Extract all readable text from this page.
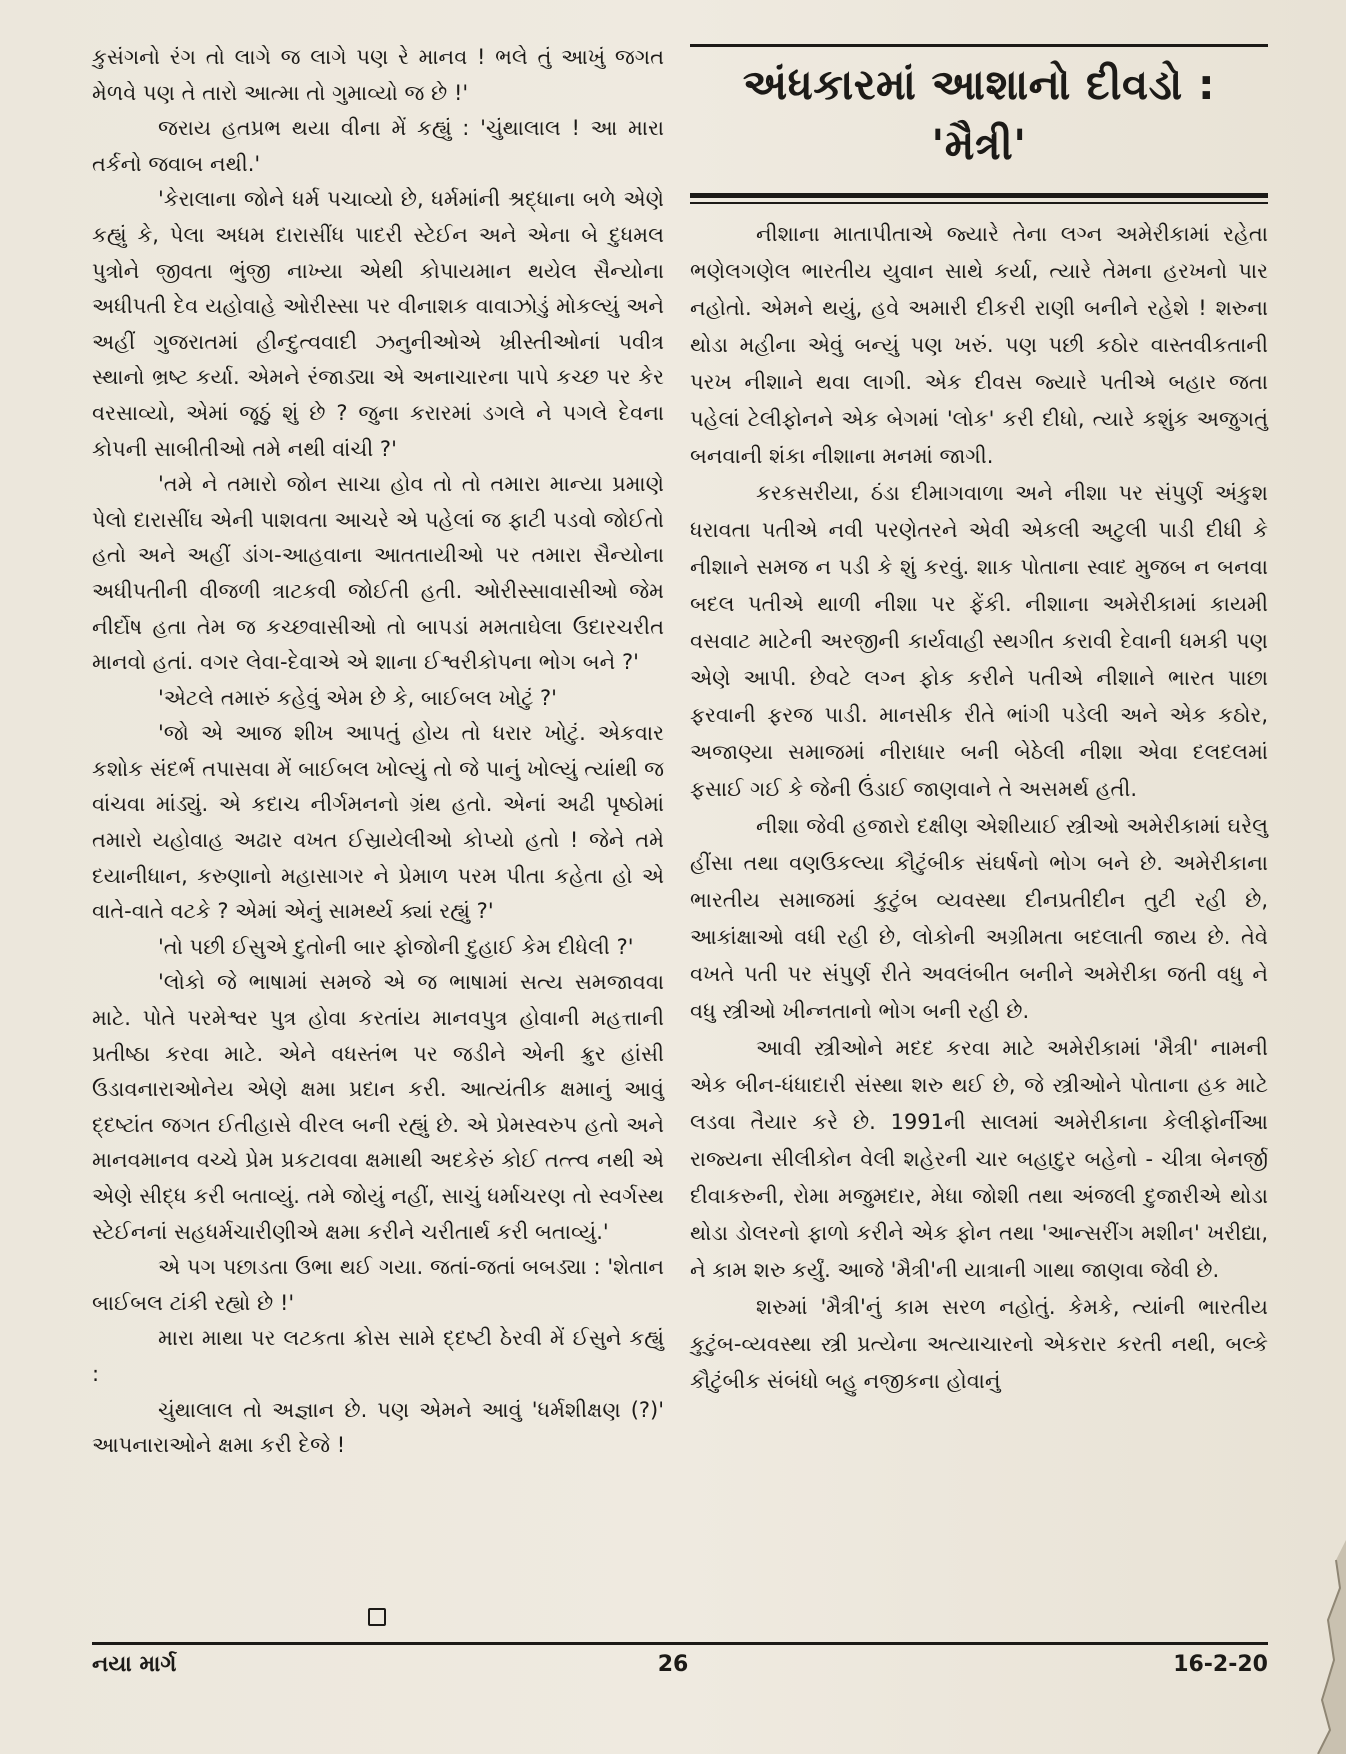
કુસંગનો રંગ તો લાગે જ લાગે પણ રે માનવ ! ભલે તું આખું જગત મેળવે પણ તે તારો આત્મા તો ગુમાવ્યો જ છે !'

જરાય હતપ્રભ થયા વીના મેં કહ્યું : 'ચુંથાલાલ ! આ મારા તર્કનો જવાબ નથી.'

'કેરાલાના જોને ધર્મ પચાવ્યો છે, ધર્મમાંની શ્રદ્ધાના બળે એણે કહ્યું કે, પેલા અધમ દારાસીંધ પાદરી સ્ટેઈન અને એના બે દુધમલ પુત્રોને જીવતા ભુંજી નાખ્યા એથી કોપાયમાન થયેલ સૈન્યોના અધીપતી દેવ યહોવાહે ઓરીસ્સા પર વીનાશક વાવાઝોડું મોકલ્યું અને અહીં ગુજરાતમાં હીન્દુત્વવાદી ઝનુનીઓએ ખ્રીસ્તીઓનાં પવીત્ર સ્થાનો ભ્રષ્ટ કર્યા. એમને રંજાડ્યા એ અનાચારના પાપે કચ્છ પર કેર વરસાવ્યો, એમાં જૂઠું શું છે ? જુના કરારમાં ડગલે ને પગલે દેવના કોપની સાબીતીઓ તમે નથી વાંચી ?'

'તમે ને તમારો જોન સાચા હોવ તો તો તમારા માન્યા પ્રમાણે પેલો દારાસીંઘ એની પાશવતા આચરે એ પહેલાં જ ફાટી પડવો જોઈતો હતો અને અહીં ડાંગ-આહવાના આતતાયીઓ પર તમારા સૈન્યોના અધીપતીની વીજળી ત્રાટકવી જોઈતી હતી. ઓરીસ્સાવાસીઓ જેમ નીર્દોષ હતા તેમ જ કચ્છવાસીઓ તો બાપડાં મમતાઘેલા ઉદારચરીત માનવો હતાં. વગર લેવા-દેવાએ એ શાના ઈશ્વરીકોપના ભોગ બને ?'

'એટલે તમારું કહેવું એમ છે કે, બાઈબલ ખોટું ?'

'જો એ આજ શીખ આપતું હોય તો ધરાર ખોટું. એકવાર કશોક સંદર્ભ તપાસવા મેં બાઈબલ ખોલ્યું તો જે પાનું ખોલ્યું ત્યાંથી જ વાંચવા માંડ્યું. એ કદાચ નીર્ગમનનો ગ્રંથ હતો. એનાં અઢી પૃષ્ઠોમાં તમારો યહોવાહ અઢાર વખત ઈસ્રાયેલીઓ કોપ્યો હતો ! જેને તમે દયાનીધાન, કરુણાનો મહાસાગર ને પ્રેમાળ પરમ પીતા કહેતા હો એ વાતે-વાતે વટકે ? એમાં એનું સામર્થ્ય ક્યાં રહ્યું ?'

'તો પછી ઈસુએ દુતોની બાર ફોજોની દુહાઈ કેમ દીધેલી ?'

'લોકો જે ભાષામાં સમજે એ જ ભાષામાં સત્ય સમજાવવા માટે. પોતે પરમેશ્વર પુત્ર હોવા કરતાંય માનવપુત્ર હોવાની મહત્તાની પ્રતીષ્ઠા કરવા માટે. એને વધસ્તંભ પર જડીને એની ક્રુર હાંસી ઉડાવનારાઓનેય એણે ક્ષમા પ્રદાન કરી. આત્યંતીક ક્ષમાનું આવું દ્દષ્ટાંત જગત ઈતીહાસે વીરલ બની રહ્યું છે. એ પ્રેમસ્વરુપ હતો અને માનવમાનવ વચ્ચે પ્રેમ પ્રકટાવવા ક્ષમાથી અદકેરું કોઈ તત્ત્વ નથી એ એણે સીદ્ધ કરી બતાવ્યું. તમે જોયું નહીં, સાચું ધર્માચરણ તો સ્વર્ગસ્થ સ્ટેઈનનાં સહધર્મચારીણીએ ક્ષમા કરીને ચરીતાર્થ કરી બતાવ્યું.'

એ પગ પછાડતા ઉભા થઈ ગયા. જતાં-જતાં બબડ્યા : 'શેતાન બાઈબલ ટાંકી રહ્યો છે !'

મારા માથા પર લટકતા ક્રોસ સામે દ્દષ્ટી ઠેરવી મેં ઈસુને કહ્યું :

ચુંથાલાલ તો અજ્ઞાન છે. પણ એમને આવું 'ધર્મશીક્ષણ (?)' આપનારાઓને ક્ષમા કરી દેજે !

અંધકારમાં આશાનો દીવડો : 'મૈત્રી'

નીશાના માતાપીતાએ જ્યારે તેના લગ્ન અમેરીકામાં રહેતા ભણેલગણેલ ભારતીય યુવાન સાથે કર્યા, ત્યારે તેમના હરખનો પાર નહોતો. એમને થયું, હવે અમારી દીકરી રાણી બનીને રહેશે ! શરુના થોડા મહીના એવું બન્યું પણ ખરું. પણ પછી કઠોર વાસ્તવીકતાની પરખ નીશાને થવા લાગી. એક દીવસ જ્યારે પતીએ બહાર જતા પહેલાં ટેલીફોનને એક બેગમાં 'લોક' કરી દીધો, ત્યારે કશુંક અજુગતું બનવાની શંકા નીશાના મનમાં જાગી.

કરકસરીયા, ઠંડા દીમાગવાળા અને નીશા પર સંપુર્ણ અંકુશ ધરાવતા પતીએ નવી પરણેતરને એવી એકલી અટુલી પાડી દીધી કે નીશાને સમજ ન પડી કે શું કરવું. શાક પોતાના સ્વાદ મુજબ ન બનવા બદલ પતીએ થાળી નીશા પર ફેંકી. નીશાના અમેરીકામાં કાયમી વસવાટ માટેની અરજીની કાર્યવાહી સ્થગીત કરાવી દેવાની ધમકી પણ એણે આપી. છેવટે લગ્ન ફોક કરીને પતીએ નીશાને ભારત પાછા ફરવાની ફરજ પાડી. માનસીક રીતે ભાંગી પડેલી અને એક કઠોર, અજાણ્યા સમાજમાં નીરાધાર બની બેઠેલી નીશા એવા દલદલમાં ફસાઈ ગઈ કે જેની ઉંડાઈ જાણવાને તે અસમર્થ હતી.

નીશા જેવી હજારો દક્ષીણ એશીયાઈ સ્ત્રીઓ અમેરીકામાં ઘરેલુ હીંસા તથા વણઉકલ્યા કૌટુંબીક સંઘર્ષનો ભોગ બને છે. અમેરીકાના ભારતીય સમાજમાં કુટુંબ વ્યવસ્થા દીનપ્રતીદીન તુટી રહી છે, આકાંક્ષાઓ વધી રહી છે, લોકોની અગ્રીમતા બદલાતી જાય છે. તેવે વખતે પતી પર સંપુર્ણ રીતે અવલંબીત બનીને અમેરીકા જતી વધુ ને વધુ સ્ત્રીઓ ખીન્નતાનો ભોગ બની રહી છે.

આવી સ્ત્રીઓને મદદ કરવા માટે અમેરીકામાં 'મૈત્રી' નામની એક બીન-ધંધાદારી સંસ્થા શરુ થઈ છે, જે સ્ત્રીઓને પોતાના હક માટે લડવા તૈયાર કરે છે. 1991ની સાલમાં અમેરીકાના કેલીફોર્નીઆ રાજ્યના સીલીકોન વેલી શહેરની ચાર બહાદુર બહેનો - ચીત્રા બેનર્જી દીવાકરુની, રોમા મજુમદાર, મેધા જોશી તથા અંજલી દુજારીએ થોડા થોડા ડોલરનો ફાળો કરીને એક ફોન તથા 'આન્સરીંગ મશીન' ખરીદ્યા, ને કામ શરુ કર્યું. આજે 'મૈત્રી'ની યાત્રાની ગાથા જાણવા જેવી છે.

શરુમાં 'મૈત્રી'નું કામ સરળ નહોતું. કેમકે, ત્યાંની ભારતીય કુટુંબ-વ્યવસ્થા સ્ત્રી પ્રત્યેના અત્યાચારનો એકરાર કરતી નથી, બલ્કે કૌટુંબીક સંબંધો બહુ નજીકના હોવાનું

નયા માર્ગ	26	16-2-20
